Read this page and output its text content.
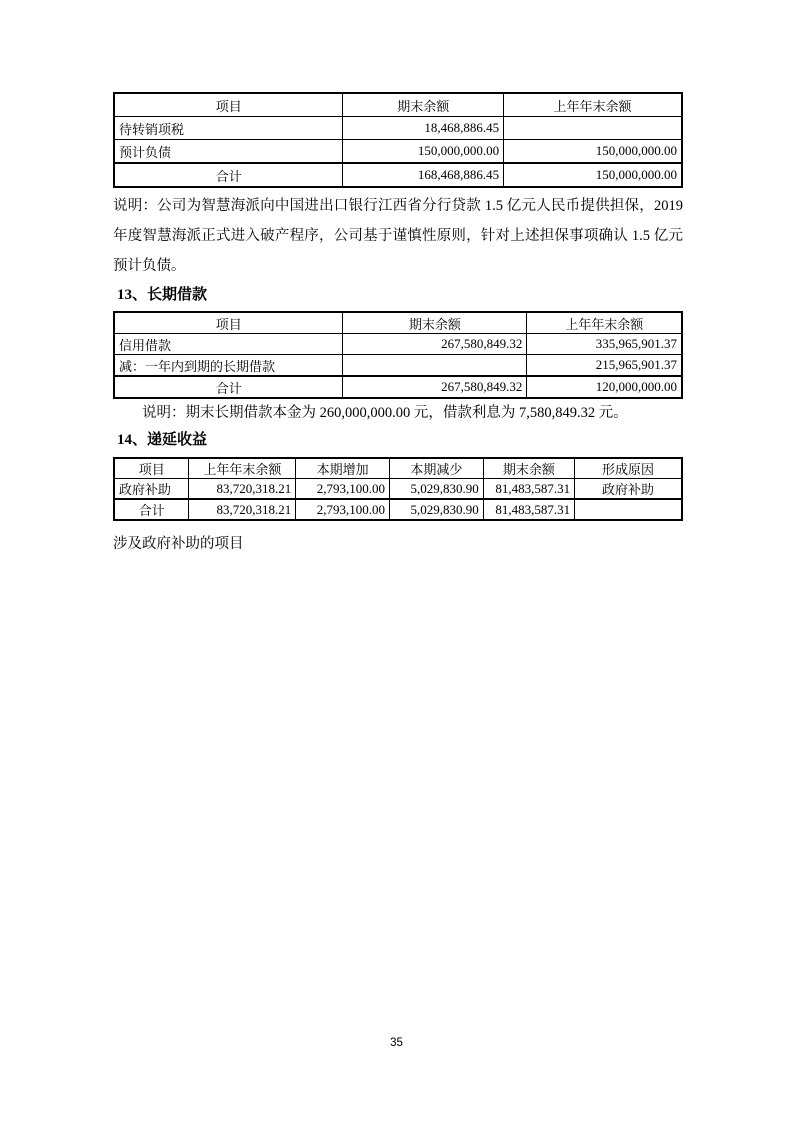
项目	期末余额	上年年末余额
待转销项税	18,468,886.45	
预计负债	150,000,000.00	150,000,000.00
合计	168,468,886.45	150,000,000.00

说明：公司为智慧海派向中国进出口银行江西省分行贷款 1.5 亿元人民币提供担保，2019 年度智慧海派正式进入破产程序，公司基于谨慎性原则，针对上述担保事项确认 1.5 亿元预计负债。

13、长期借款
项目	期末余额	上年年末余额
信用借款	267,580,849.32	335,965,901.37
减：一年内到期的长期借款		215,965,901.37
合计	267,580,849.32	120,000,000.00

说明：期末长期借款本金为 260,000,000.00 元，借款利息为 7,580,849.32 元。

14、递延收益
项目	上年年末余额	本期增加	本期减少	期末余额	形成原因
政府补助	83,720,318.21	2,793,100.00	5,029,830.90	81,483,587.31	政府补助
合计	83,720,318.21	2,793,100.00	5,029,830.90	81,483,587.31	

涉及政府补助的项目

35
